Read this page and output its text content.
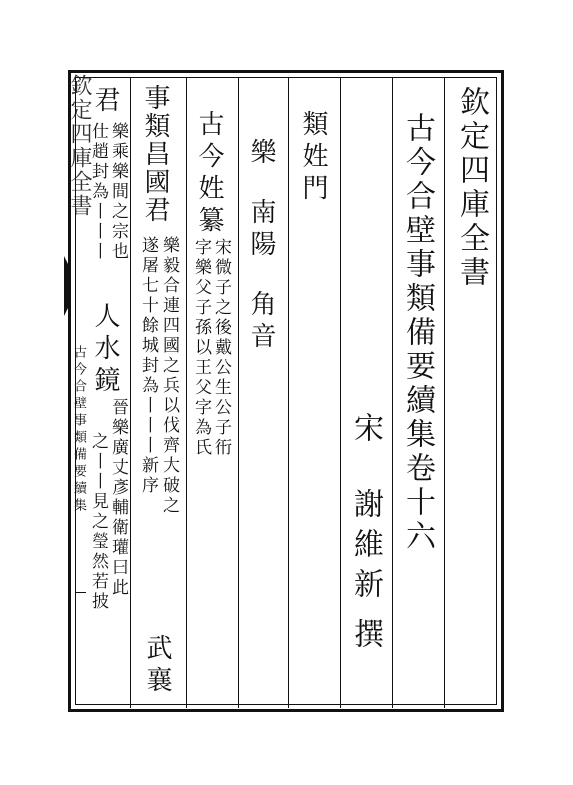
欽定四庫全書
古今合壁事類備要續集
欽定四庫全書
古今合壁事類備要續集卷十六
宋
謝維新
撰
類姓門
樂
南陽
角音
古今姓纂
宋微子之後戴公生公子衎
字樂父子孫以王父字為氏
事類昌國君
樂毅合連四國之兵以伐齊大破之
遂屠七十餘城封為丨丨丨新序
武襄
君
樂乘樂間之宗也
仕趙封為丨丨丨
人水鏡
晉樂廣丈彥輔衛瓘曰此
之丨丨見之瑩然若披
